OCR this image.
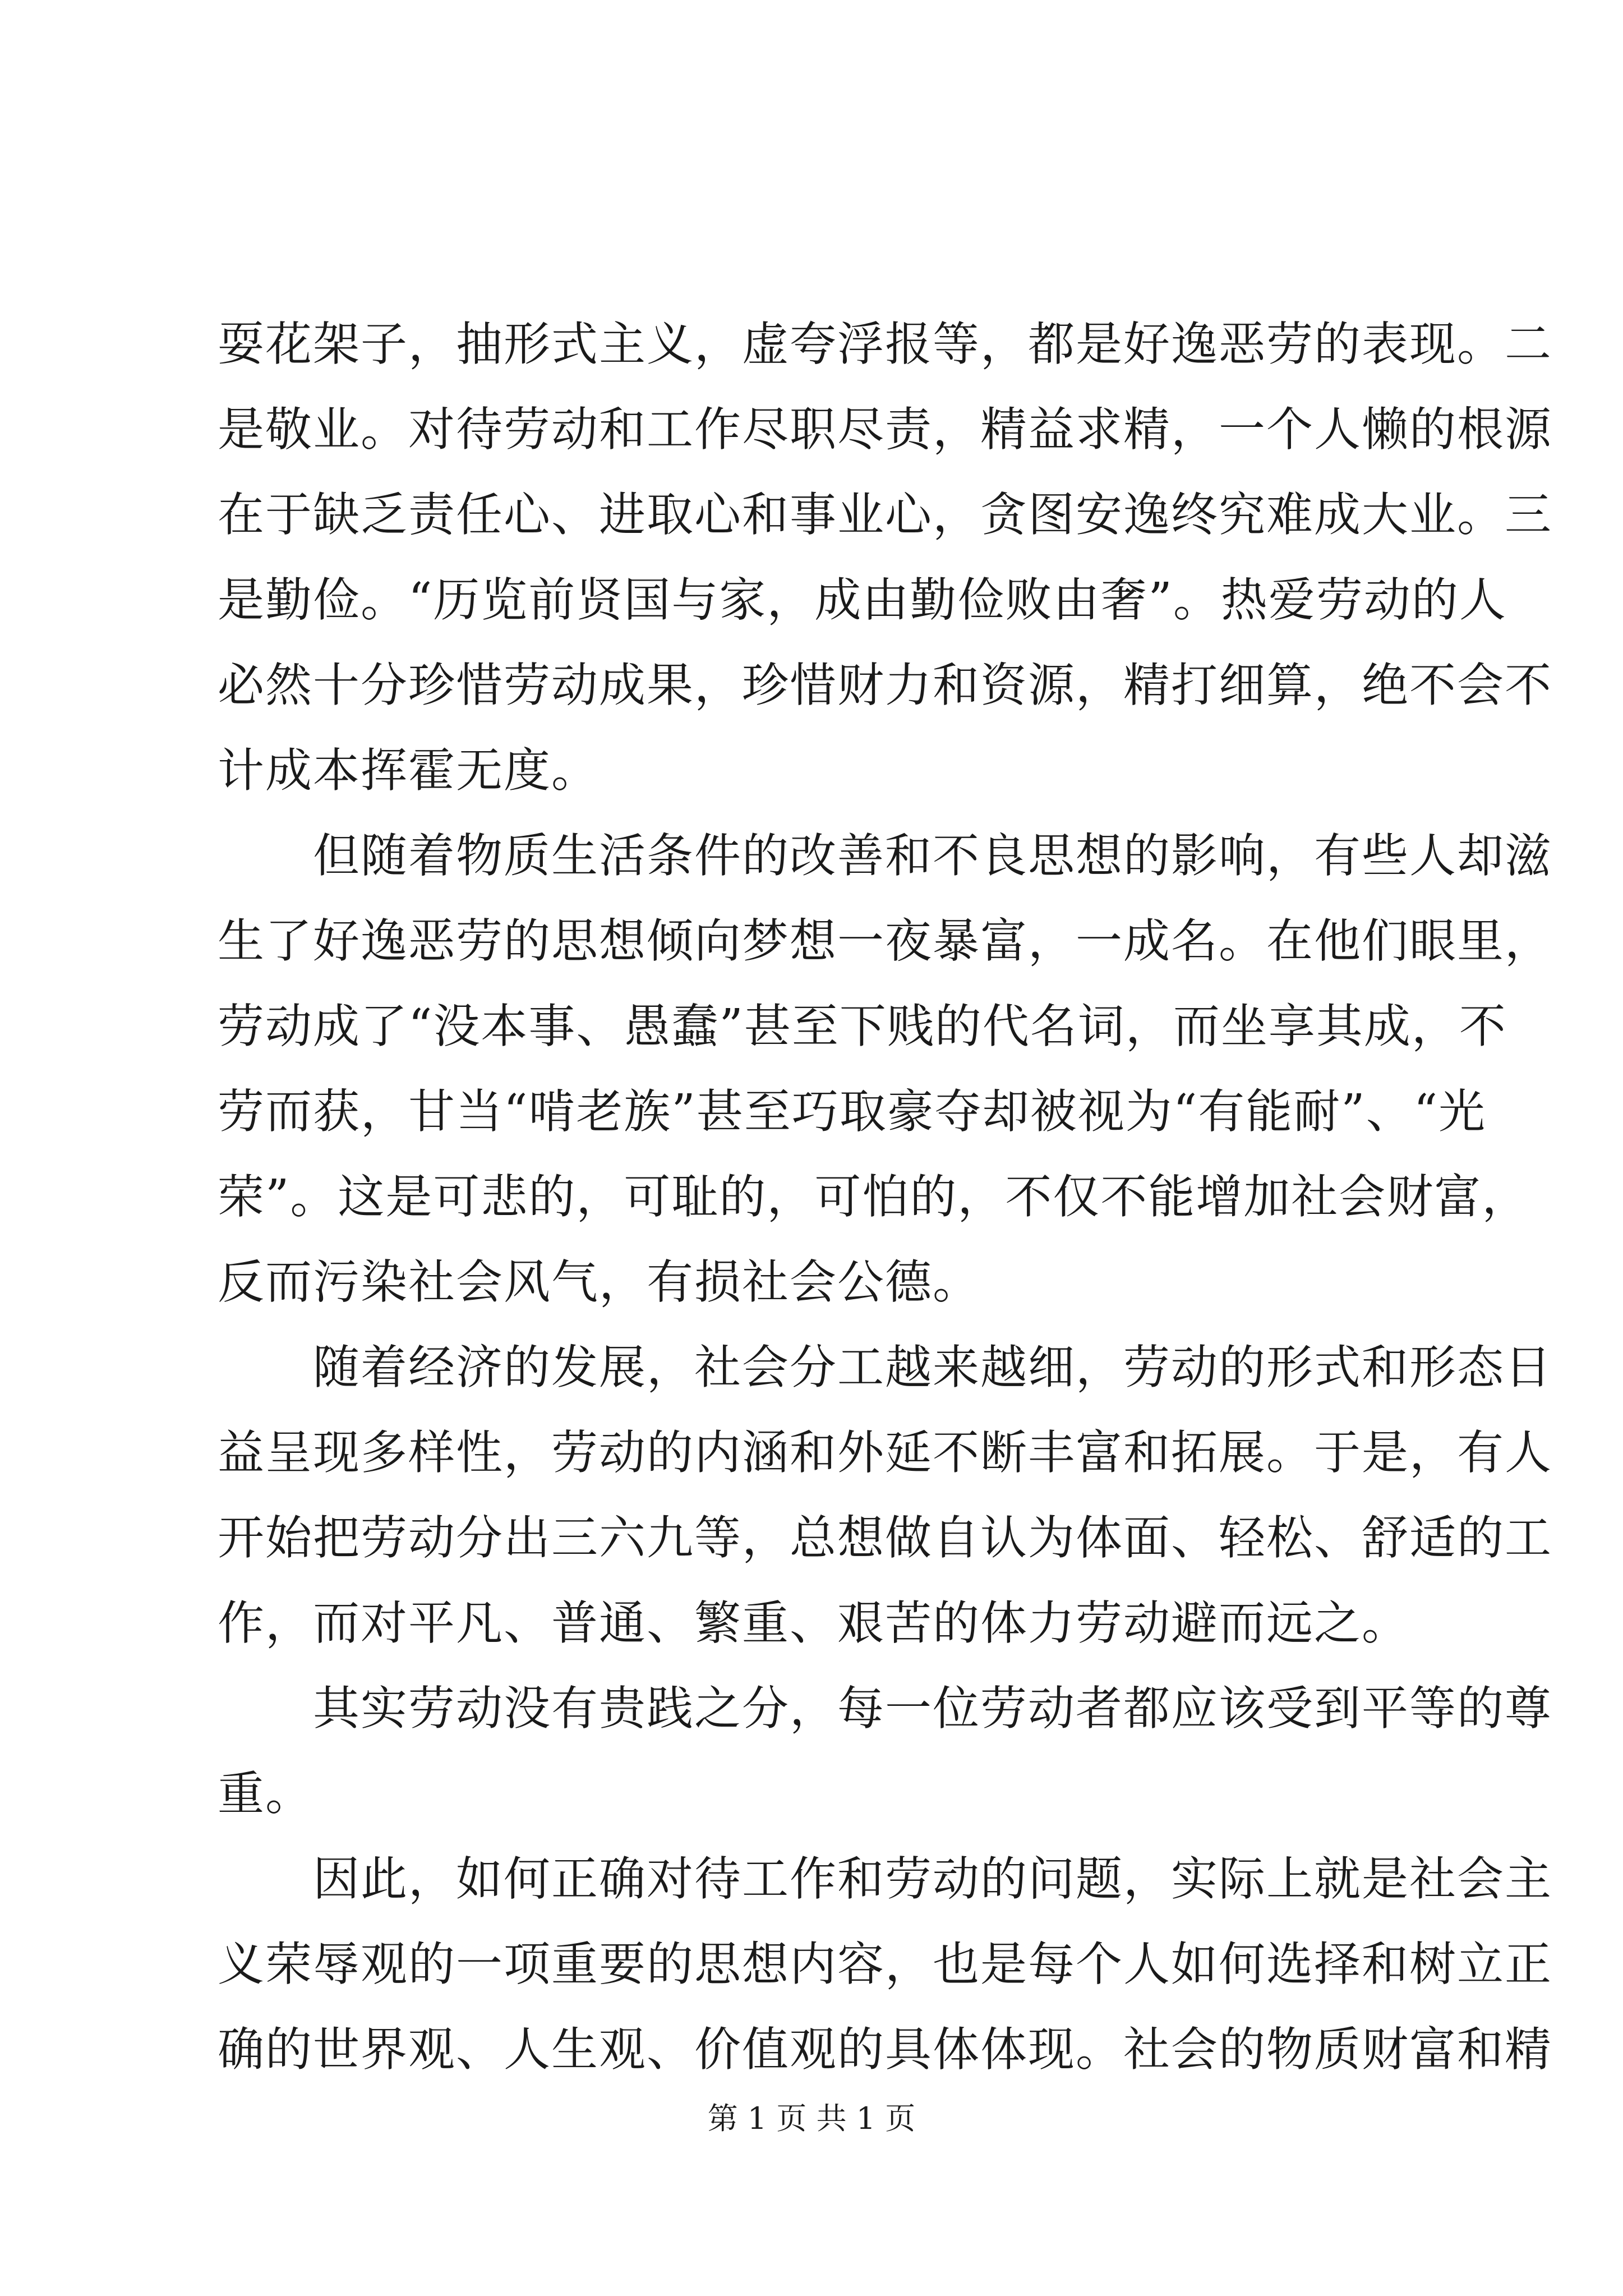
耍花架子，抽形式主义，虚夸浮报等，都是好逸恶劳的表现。二
是敬业。对待劳动和工作尽职尽责，精益求精，一个人懒的根源
在于缺乏责任心、进取心和事业心，贪图安逸终究难成大业。三
是勤俭。“历览前贤国与家，成由勤俭败由奢”。热爱劳动的人
必然十分珍惜劳动成果，珍惜财力和资源，精打细算，绝不会不
计成本挥霍无度。
　　但随着物质生活条件的改善和不良思想的影响，有些人却滋
生了好逸恶劳的思想倾向梦想一夜暴富，一成名。在他们眼里，
劳动成了“没本事、愚蠢”甚至下贱的代名词，而坐享其成，不
劳而获，甘当“啃老族”甚至巧取豪夺却被视为“有能耐”、“光
荣”。这是可悲的，可耻的，可怕的，不仅不能增加社会财富，
反而污染社会风气，有损社会公德。
　　随着经济的发展，社会分工越来越细，劳动的形式和形态日
益呈现多样性，劳动的内涵和外延不断丰富和拓展。于是，有人
开始把劳动分出三六九等，总想做自认为体面、轻松、舒适的工
作，而对平凡、普通、繁重、艰苦的体力劳动避而远之。
　　其实劳动没有贵践之分，每一位劳动者都应该受到平等的尊
重。
　　因此，如何正确对待工作和劳动的问题，实际上就是社会主
义荣辱观的一项重要的思想内容，也是每个人如何选择和树立正
确的世界观、人生观、价值观的具体体现。社会的物质财富和精
第 1 页 共 1 页
